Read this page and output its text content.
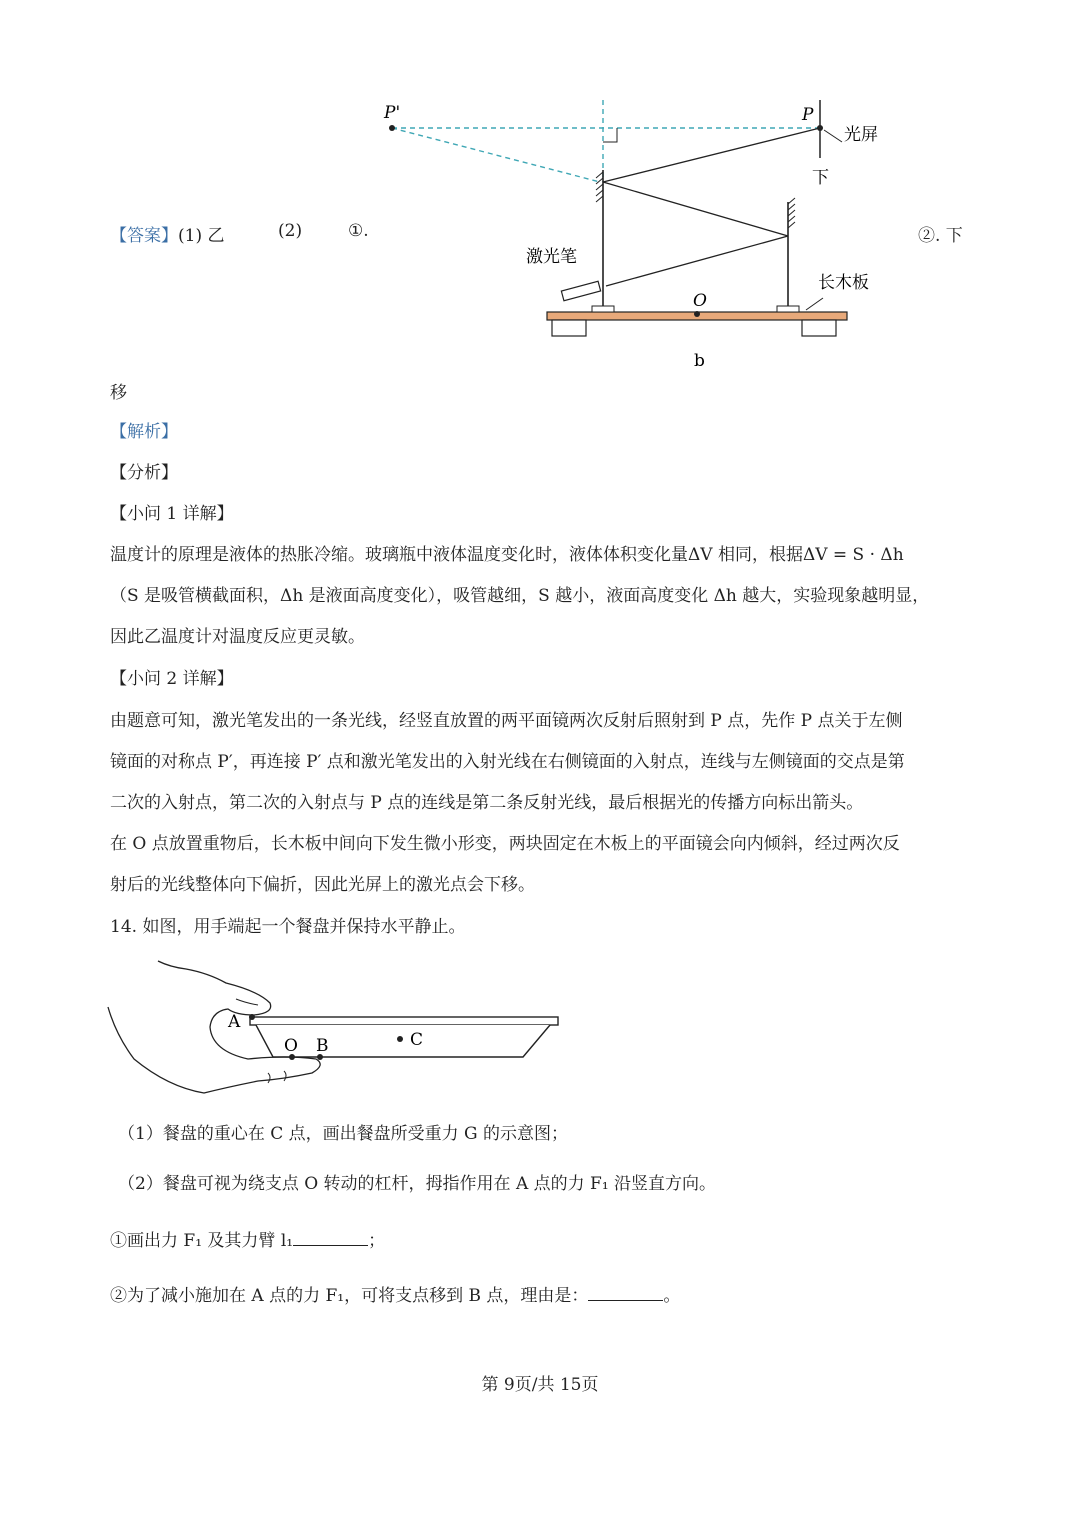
【答案】(1) 乙	(2)	①.	②. 下
移
P'	P
光屏
下
激光笔
O
长木板
b
【解析】
【分析】
【小问 1 详解】
温度计的原理是液体的热胀冷缩。玻璃瓶中液体温度变化时，液体体积变化量ΔV 相同，根据ΔV = S · Δh
（S 是吸管横截面积，Δh 是液面高度变化），吸管越细，S 越小，液面高度变化 Δh 越大，实验现象越明显，
因此乙温度计对温度反应更灵敏。
【小问 2 详解】
由题意可知，激光笔发出的一条光线，经竖直放置的两平面镜两次反射后照射到 P 点，先作 P 点关于左侧
镜面的对称点 P′，再连接 P′ 点和激光笔发出的入射光线在右侧镜面的入射点，连线与左侧镜面的交点是第
二次的入射点，第二次的入射点与 P 点的连线是第二条反射光线，最后根据光的传播方向标出箭头。
在 O 点放置重物后，长木板中间向下发生微小形变，两块固定在木板上的平面镜会向内倾斜，经过两次反
射后的光线整体向下偏折，因此光屏上的激光点会下移。
14. 如图，用手端起一个餐盘并保持水平静止。
A
O B	C
（1）餐盘的重心在 C 点，画出餐盘所受重力 G 的示意图；
（2）餐盘可视为绕支点 O 转动的杠杆，拇指作用在 A 点的力 F₁ 沿竖直方向。
①画出力 F₁ 及其力臂 l₁	；
②为了减小施加在 A 点的力 F₁，可将支点移到 B 点，理由是：	。
第 9页/共 15页
